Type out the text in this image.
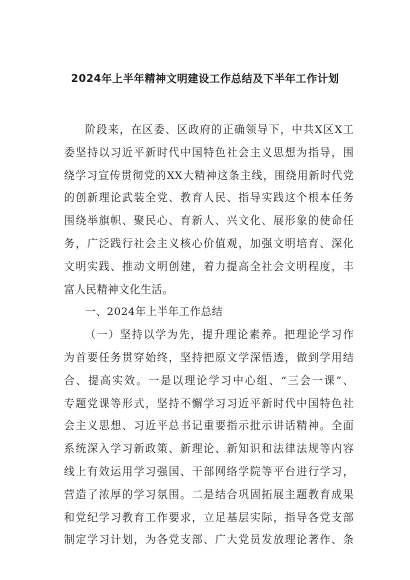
2024年上半年精神文明建设工作总结及下半年工作计划
阶段来，在区委、区政府的正确领导下，中共X区X工
委坚持以习近平新时代中国特色社会主义思想为指导，围
绕学习宣传贯彻党的XX大精神这条主线，围绕用新时代党
的创新理论武装全党、教育人民、指导实践这个根本任务
围绕举旗帜、聚民心、育新人、兴文化、展形象的使命任
务，广泛践行社会主义核心价值观，加强文明培育、深化
文明实践、推动文明创建，着力提高全社会文明程度，丰
富人民精神文化生活。
一、2024年上半年工作总结
（一）坚持以学为先，提升理论素养。把理论学习作
为首要任务贯穿始终，坚持把原文学深悟透，做到学用结
合、提高实效。一是以理论学习中心组、“三会一课”、
专题党课等形式，坚持不懈学习习近平新时代中国特色社
会主义思想、习近平总书记重要指示批示讲话精神。全面
系统深入学习新政策、新理论、新知识和法律法规等内容
线上有效运用学习强国、干部网络学院等平台进行学习，
营造了浓厚的学习氛围。二是结合巩固拓展主题教育成果
和党纪学习教育工作要求，立足基层实际，指导各党支部
制定学习计划，为各党支部、广大党员发放理论著作、条
